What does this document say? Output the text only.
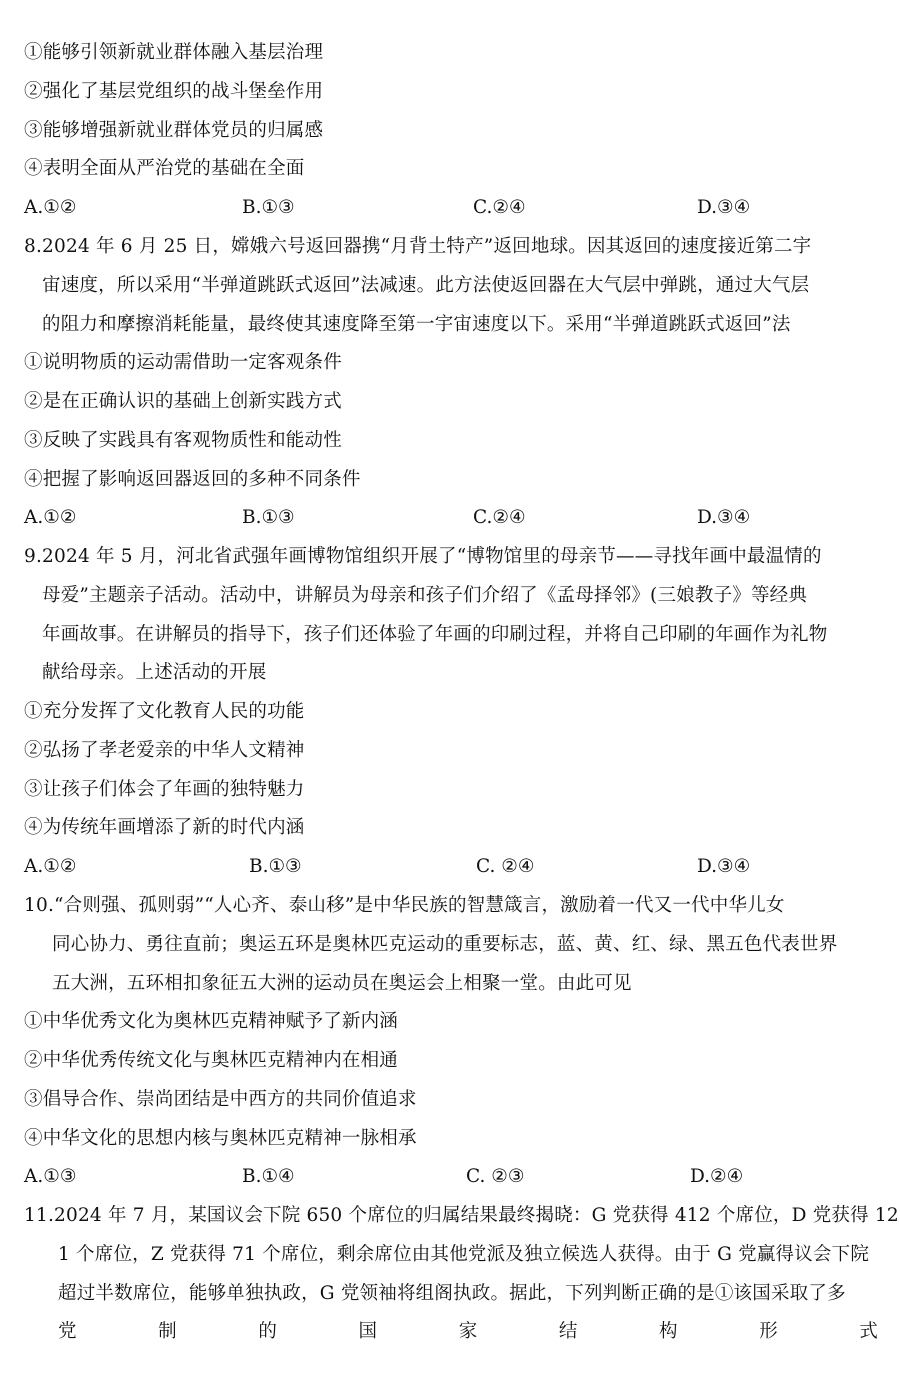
①能够引领新就业群体融入基层治理
②强化了基层党组织的战斗堡垒作用
③能够增强新就业群体党员的归属感
④表明全面从严治党的基础在全面
A.①②	B.①③	C.②④	D.③④
8.2024 年 6 月 25 日，嫦娥六号返回器携“月背土特产”返回地球。因其返回的速度接近第二宇
宙速度，所以采用“半弹道跳跃式返回”法减速。此方法使返回器在大气层中弹跳，通过大气层
的阻力和摩擦消耗能量，最终使其速度降至第一宇宙速度以下。采用“半弹道跳跃式返回”法
①说明物质的运动需借助一定客观条件
②是在正确认识的基础上创新实践方式
③反映了实践具有客观物质性和能动性
④把握了影响返回器返回的多种不同条件
A.①②	B.①③	C.②④	D.③④
9.2024 年 5 月，河北省武强年画博物馆组织开展了“博物馆里的母亲节——寻找年画中最温情的
母爱”主题亲子活动。活动中，讲解员为母亲和孩子们介绍了《孟母择邻》(三娘教子》等经典
年画故事。在讲解员的指导下，孩子们还体验了年画的印刷过程，并将自己印刷的年画作为礼物
献给母亲。上述活动的开展
①充分发挥了文化教育人民的功能
②弘扬了孝老爱亲的中华人文精神
③让孩子们体会了年画的独特魅力
④为传统年画增添了新的时代内涵
A.①②	B.①③	C. ②④	D.③④
10.“合则强、孤则弱”“人心齐、泰山移”是中华民族的智慧箴言，激励着一代又一代中华儿女
同心协力、勇往直前；奥运五环是奥林匹克运动的重要标志，蓝、黄、红、绿、黑五色代表世界
五大洲，五环相扣象征五大洲的运动员在奥运会上相聚一堂。由此可见
①中华优秀文化为奥林匹克精神赋予了新内涵
②中华优秀传统文化与奥林匹克精神内在相通
③倡导合作、崇尚团结是中西方的共同价值追求
④中华文化的思想内核与奥林匹克精神一脉相承
A.①③	B.①④	C. ②③	D.②④
11.2024 年 7 月，某国议会下院 650 个席位的归属结果最终揭晓：G 党获得 412 个席位，D 党获得 12
1 个席位，Z 党获得 71 个席位，剩余席位由其他党派及独立候选人获得。由于 G 党赢得议会下院
超过半数席位，能够单独执政，G 党领袖将组阁执政。据此，下列判断正确的是①该国采取了多
党	制	的	国	家	结	构	形	式
